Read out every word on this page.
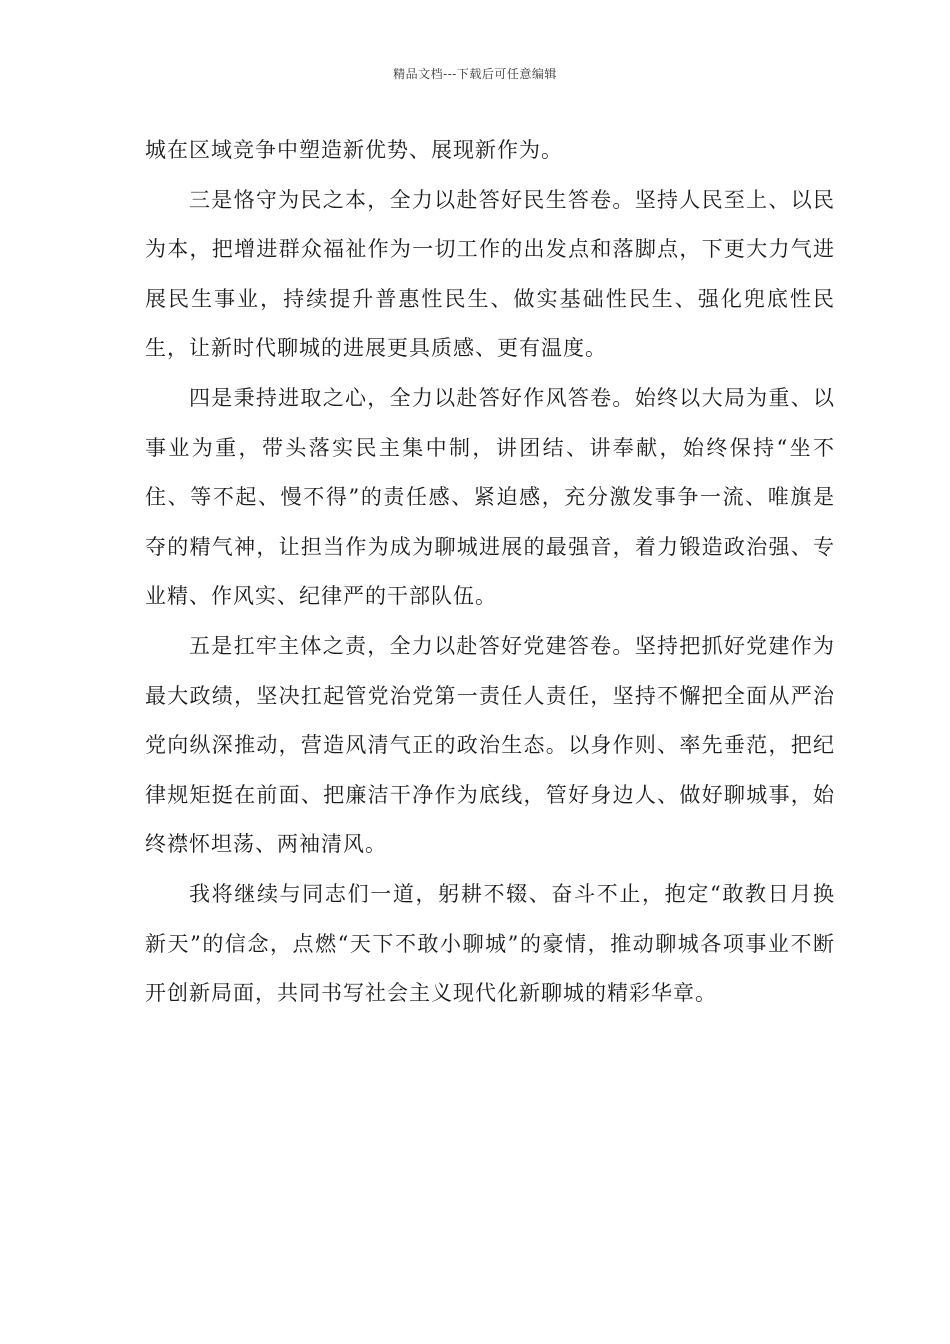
精品文档---下载后可任意编辑

城在区域竞争中塑造新优势、展现新作为。

三是恪守为民之本，全力以赴答好民生答卷。坚持人民至上、以民为本，把增进群众福祉作为一切工作的出发点和落脚点，下更大力气进展民生事业，持续提升普惠性民生、做实基础性民生、强化兜底性民生，让新时代聊城的进展更具质感、更有温度。

四是秉持进取之心，全力以赴答好作风答卷。始终以大局为重、以事业为重，带头落实民主集中制，讲团结、讲奉献，始终保持“坐不住、等不起、慢不得”的责任感、紧迫感，充分激发事争一流、唯旗是夺的精气神，让担当作为成为聊城进展的最强音，着力锻造政治强、专业精、作风实、纪律严的干部队伍。

五是扛牢主体之责，全力以赴答好党建答卷。坚持把抓好党建作为最大政绩，坚决扛起管党治党第一责任人责任，坚持不懈把全面从严治党向纵深推动，营造风清气正的政治生态。以身作则、率先垂范，把纪律规矩挺在前面、把廉洁干净作为底线，管好身边人、做好聊城事，始终襟怀坦荡、两袖清风。

我将继续与同志们一道，躬耕不辍、奋斗不止，抱定“敢教日月换新天”的信念，点燃“天下不敢小聊城”的豪情，推动聊城各项事业不断开创新局面，共同书写社会主义现代化新聊城的精彩华章。
